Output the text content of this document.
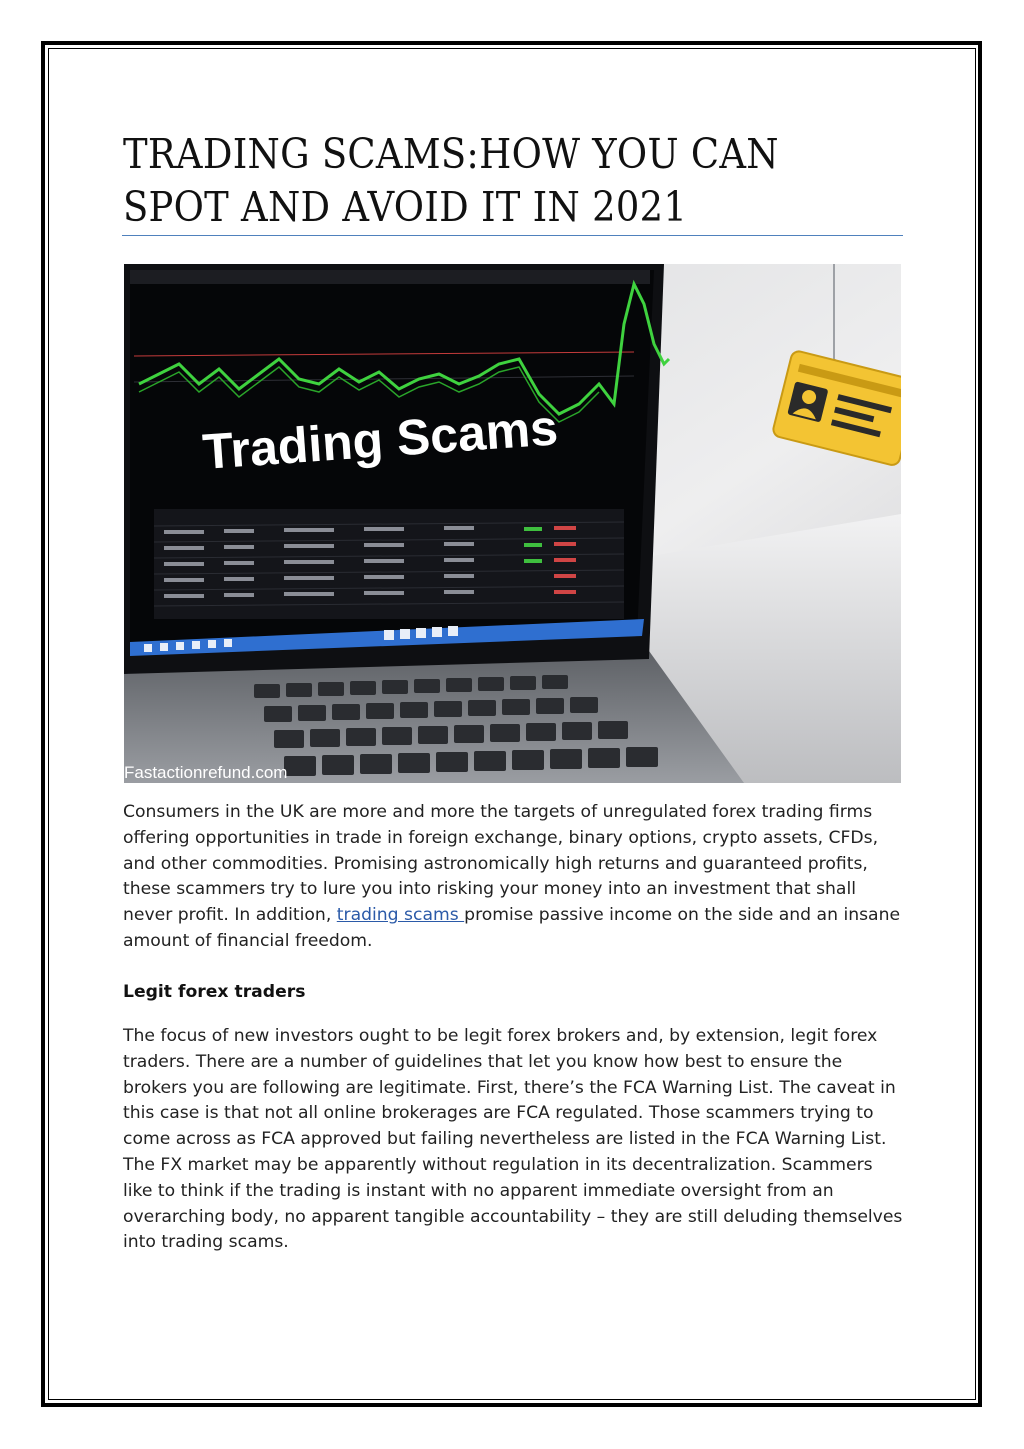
TRADING SCAMS:HOW YOU CAN SPOT AND AVOID IT IN 2021
Trading Scams
Fastactionrefund.com

Consumers in the UK are more and more the targets of unregulated forex trading firms offering opportunities in trade in foreign exchange, binary options, crypto assets, CFDs, and other commodities. Promising astronomically high returns and guaranteed profits, these scammers try to lure you into risking your money into an investment that shall never profit. In addition, trading scams promise passive income on the side and an insane amount of financial freedom.

Legit forex traders

The focus of new investors ought to be legit forex brokers and, by extension, legit forex traders. There are a number of guidelines that let you know how best to ensure the brokers you are following are legitimate. First, there’s the FCA Warning List. The caveat in this case is that not all online brokerages are FCA regulated. Those scammers trying to come across as FCA approved but failing nevertheless are listed in the FCA Warning List. The FX market may be apparently without regulation in its decentralization. Scammers like to think if the trading is instant with no apparent immediate oversight from an overarching body, no apparent tangible accountability – they are still deluding themselves into trading scams.
